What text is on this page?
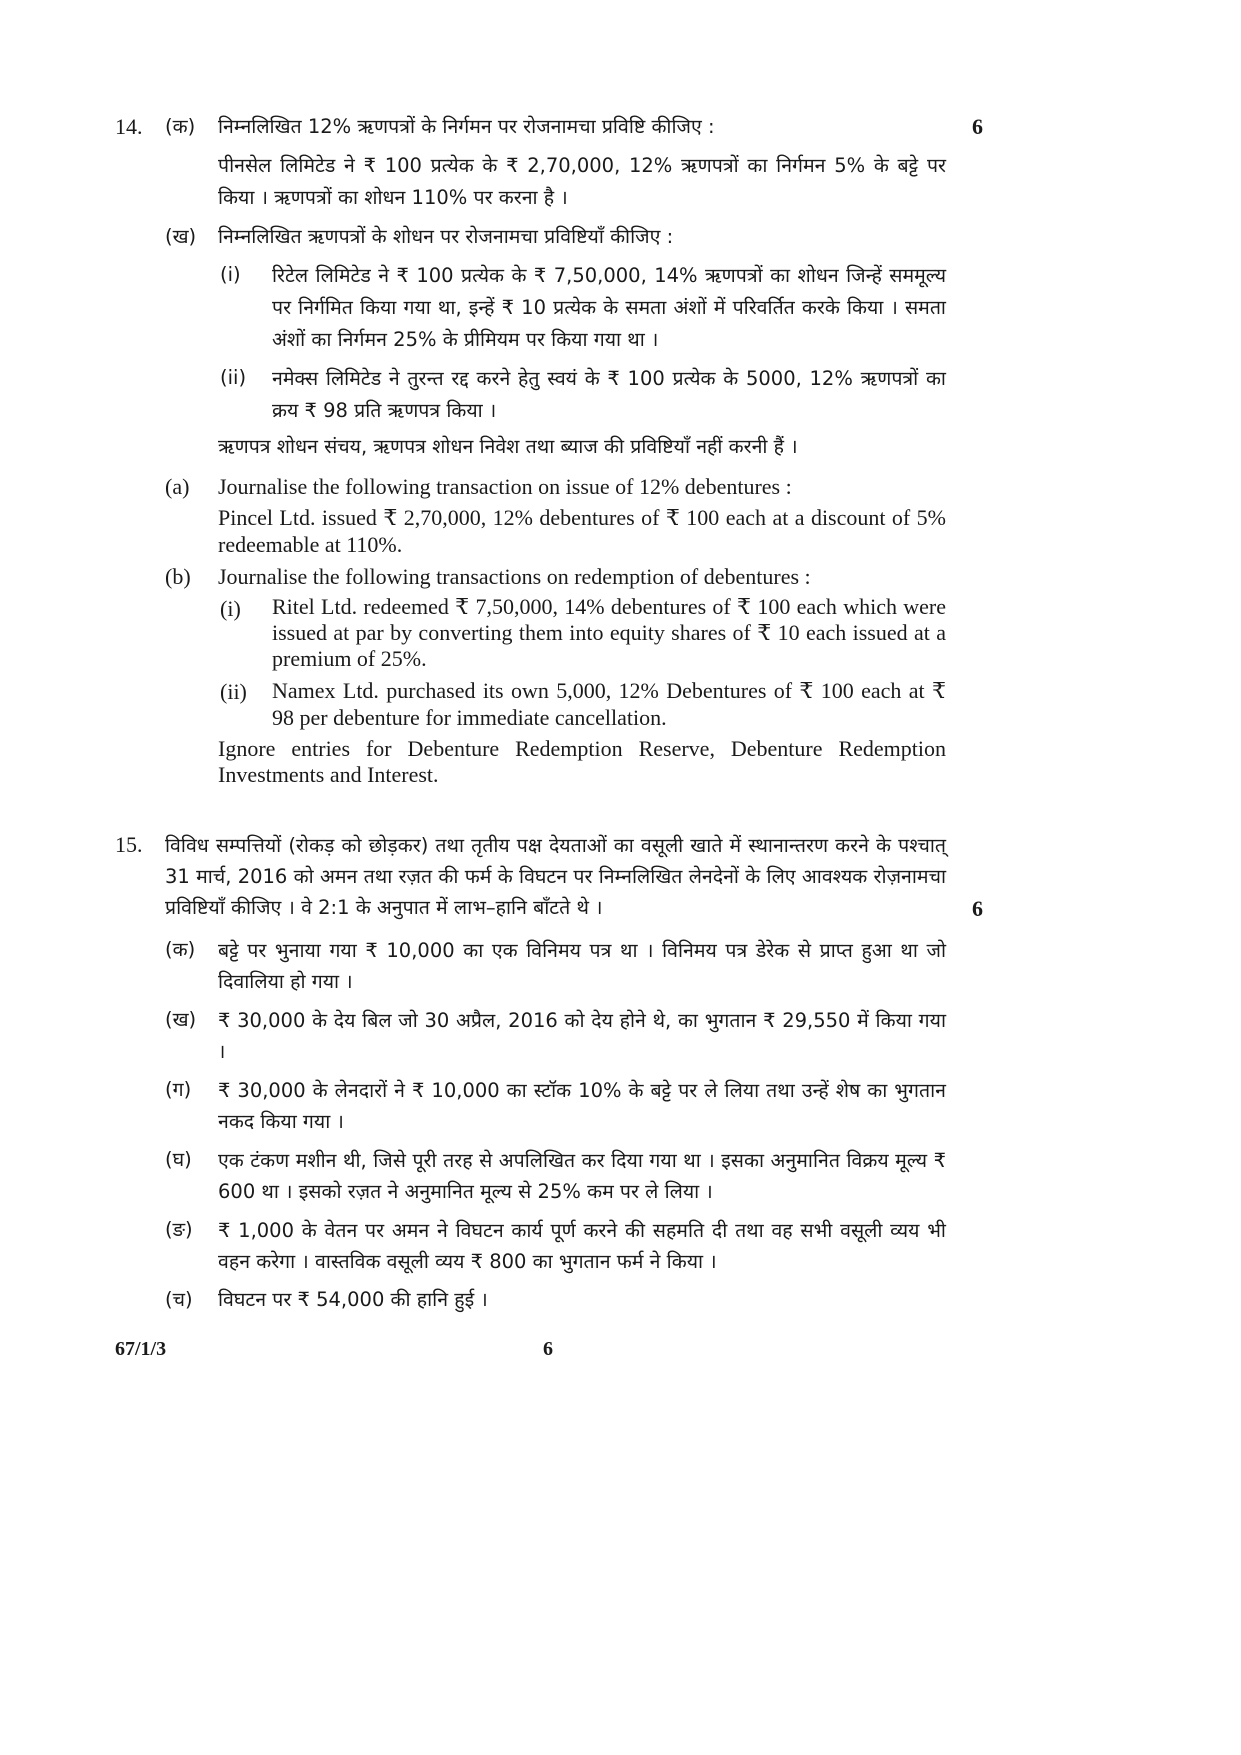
14.	6
(क) निम्नलिखित 12% ऋणपत्रों के निर्गमन पर रोजनामचा प्रविष्टि कीजिए :
पीनसेल लिमिटेड ने ₹ 100 प्रत्येक के ₹ 2,70,000, 12% ऋणपत्रों का निर्गमन 5% के बट्टे पर किया । ऋणपत्रों का शोधन 110% पर करना है ।
(ख) निम्नलिखित ऋणपत्रों के शोधन पर रोजनामचा प्रविष्टियाँ कीजिए :
(i) रिटेल लिमिटेड ने ₹ 100 प्रत्येक के ₹ 7,50,000, 14% ऋणपत्रों का शोधन जिन्हें सममूल्य पर निर्गमित किया गया था, इन्हें ₹ 10 प्रत्येक के समता अंशों में परिवर्तित करके किया । समता अंशों का निर्गमन 25% के प्रीमियम पर किया गया था ।
(ii) नमेक्स लिमिटेड ने तुरन्त रद्द करने हेतु स्वयं के ₹ 100 प्रत्येक के 5000, 12% ऋणपत्रों का क्रय ₹ 98 प्रति ऋणपत्र किया ।
ऋणपत्र शोधन संचय, ऋणपत्र शोधन निवेश तथा ब्याज की प्रविष्टियाँ नहीं करनी हैं ।
(a) Journalise the following transaction on issue of 12% debentures :
Pincel Ltd. issued ₹ 2,70,000, 12% debentures of ₹ 100 each at a discount of 5% redeemable at 110%.
(b) Journalise the following transactions on redemption of debentures :
(i) Ritel Ltd. redeemed ₹ 7,50,000, 14% debentures of ₹ 100 each which were issued at par by converting them into equity shares of ₹ 10 each issued at a premium of 25%.
(ii) Namex Ltd. purchased its own 5,000, 12% Debentures of ₹ 100 each at ₹ 98 per debenture for immediate cancellation.
Ignore entries for Debenture Redemption Reserve, Debenture Redemption Investments and Interest.
15. विविध सम्पत्तियों (रोकड़ को छोड़कर) तथा तृतीय पक्ष देयताओं का वसूली खाते में स्थानान्तरण करने के पश्चात् 31 मार्च, 2016 को अमन तथा रज़त की फर्म के विघटन पर निम्नलिखित लेनदेनों के लिए आवश्यक रोज़नामचा प्रविष्टियाँ कीजिए । वे 2:1 के अनुपात में लाभ–हानि बाँटते थे ।	6
(क) बट्टे पर भुनाया गया ₹ 10,000 का एक विनिमय पत्र था । विनिमय पत्र डेरेक से प्राप्त हुआ था जो दिवालिया हो गया ।
(ख) ₹ 30,000 के देय बिल जो 30 अप्रैल, 2016 को देय होने थे, का भुगतान ₹ 29,550 में किया गया ।
(ग) ₹ 30,000 के लेनदारों ने ₹ 10,000 का स्टॉक 10% के बट्टे पर ले लिया तथा उन्हें शेष का भुगतान नकद किया गया ।
(घ) एक टंकण मशीन थी, जिसे पूरी तरह से अपलिखित कर दिया गया था । इसका अनुमानित विक्रय मूल्य ₹ 600 था । इसको रज़त ने अनुमानित मूल्य से 25% कम पर ले लिया ।
(ङ) ₹ 1,000 के वेतन पर अमन ने विघटन कार्य पूर्ण करने की सहमति दी तथा वह सभी वसूली व्यय भी वहन करेगा । वास्तविक वसूली व्यय ₹ 800 का भुगतान फर्म ने किया ।
(च) विघटन पर ₹ 54,000 की हानि हुई ।
67/1/3	6
